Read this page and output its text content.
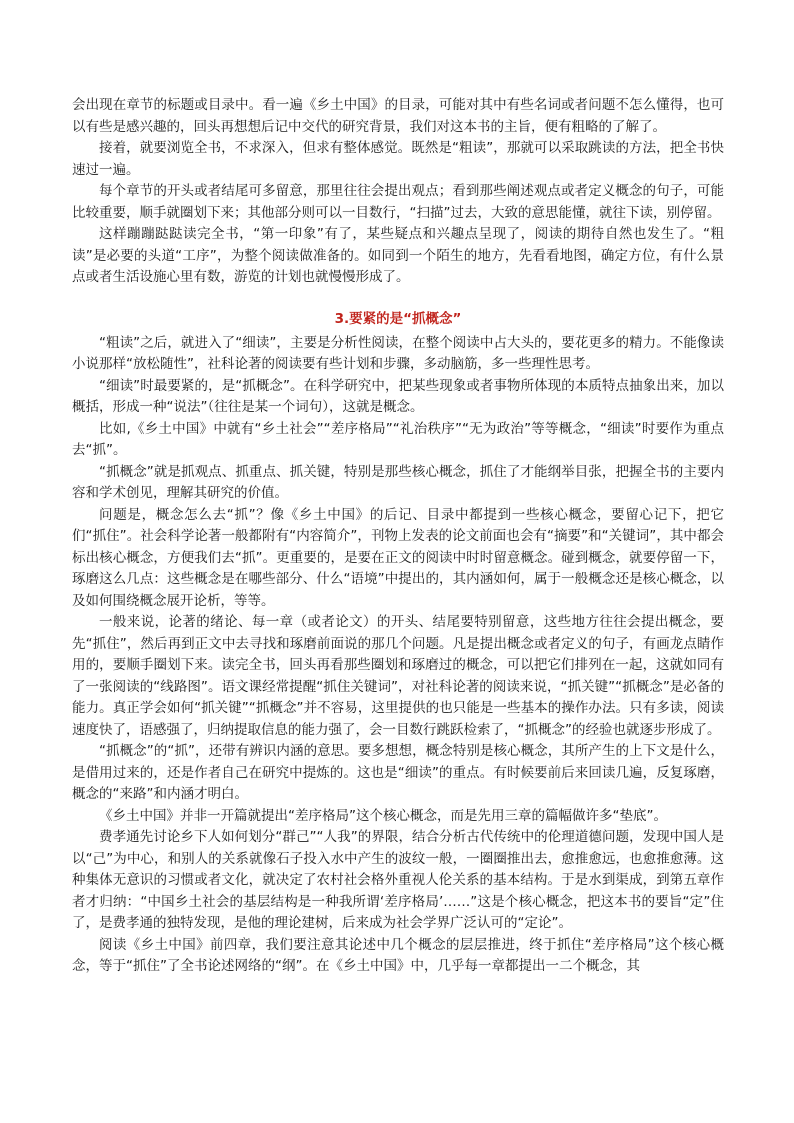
会出现在章节的标题或目录中。看一遍《乡土中国》的目录，可能对其中有些名词或者问题不怎么懂得，也可以有些是感兴趣的，回头再想想后记中交代的研究背景，我们对这本书的主旨，便有粗略的了解了。

接着，就要浏览全书，不求深入，但求有整体感觉。既然是“粗读”，那就可以采取跳读的方法，把全书快速过一遍。

每个章节的开头或者结尾可多留意，那里往往会提出观点；看到那些阐述观点或者定义概念的句子，可能比较重要，顺手就圈划下来；其他部分则可以一目数行，“扫描”过去，大致的意思能懂，就往下读，别停留。

这样蹦蹦跶跶读完全书，“第一印象”有了，某些疑点和兴趣点呈现了，阅读的期待自然也发生了。“粗读”是必要的头道“工序”，为整个阅读做准备的。如同到一个陌生的地方，先看看地图，确定方位，有什么景点或者生活设施心里有数，游览的计划也就慢慢形成了。

3.要紧的是“抓概念”

“粗读”之后，就进入了“细读”，主要是分析性阅读，在整个阅读中占大头的，要花更多的精力。不能像读小说那样“放松随性”，社科论著的阅读要有些计划和步骤，多动脑筋，多一些理性思考。

“细读”时最要紧的，是“抓概念”。在科学研究中，把某些现象或者事物所体现的本质特点抽象出来，加以概括，形成一种“说法”（往往是某一个词句），这就是概念。

比如,《乡土中国》中就有“乡土社会”“差序格局”“礼治秩序”“无为政治”等等概念，“细读”时要作为重点去“抓”。

“抓概念”就是抓观点、抓重点、抓关键，特别是那些核心概念，抓住了才能纲举目张，把握全书的主要内容和学术创见，理解其研究的价值。

问题是，概念怎么去“抓”？像《乡土中国》的后记、目录中都提到一些核心概念，要留心记下，把它们“抓住”。社会科学论著一般都附有“内容简介”，刊物上发表的论文前面也会有“摘要”和“关键词”，其中都会标出核心概念，方便我们去“抓”。更重要的，是要在正文的阅读中时时留意概念。碰到概念，就要停留一下，琢磨这么几点：这些概念是在哪些部分、什么“语境”中提出的，其内涵如何，属于一般概念还是核心概念，以及如何围绕概念展开论析，等等。

一般来说，论著的绪论、每一章（或者论文）的开头、结尾要特别留意，这些地方往往会提出概念，要先“抓住”，然后再到正文中去寻找和琢磨前面说的那几个问题。凡是提出概念或者定义的句子，有画龙点睛作用的，要顺手圈划下来。读完全书，回头再看那些圈划和琢磨过的概念，可以把它们排列在一起，这就如同有了一张阅读的“线路图”。语文课经常提醒“抓住关键词”，对社科论著的阅读来说，“抓关键”“抓概念”是必备的能力。真正学会如何“抓关键”“抓概念”并不容易，这里提供的也只能是一些基本的操作办法。只有多读，阅读速度快了，语感强了，归纳提取信息的能力强了，会一目数行跳跃检索了，“抓概念”的经验也就逐步形成了。

“抓概念”的“抓”，还带有辨识内涵的意思。要多想想，概念特别是核心概念，其所产生的上下文是什么，是借用过来的，还是作者自己在研究中提炼的。这也是“细读”的重点。有时候要前后来回读几遍，反复琢磨，概念的“来路”和内涵才明白。

《乡土中国》并非一开篇就提出“差序格局”这个核心概念，而是先用三章的篇幅做许多“垫底”。

费孝通先讨论乡下人如何划分“群己”“人我”的界限，结合分析古代传统中的伦理道德问题，发现中国人是以“己”为中心，和别人的关系就像石子投入水中产生的波纹一般，一圈圈推出去，愈推愈远，也愈推愈薄。这种集体无意识的习惯或者文化，就决定了农村社会格外重视人伦关系的基本结构。于是水到渠成，到第五章作者才归纳：“中国乡土社会的基层结构是一种我所谓‘差序格局’……”这是个核心概念，把这本书的要旨“定”住了，是费孝通的独特发现，是他的理论建树，后来成为社会学界广泛认可的“定论”。

阅读《乡土中国》前四章，我们要注意其论述中几个概念的层层推进，终于抓住“差序格局”这个核心概念，等于“抓住”了全书论述网络的“纲”。在《乡土中国》中，几乎每一章都提出一二个概念，其
